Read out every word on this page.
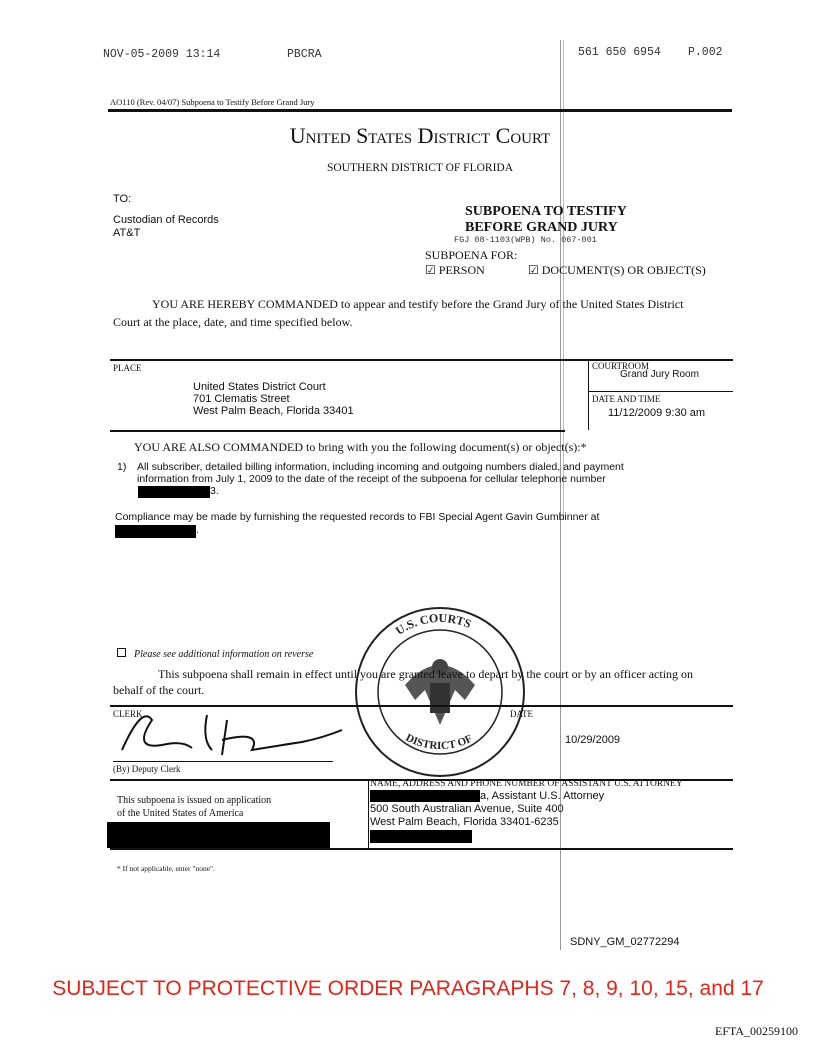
NOV-05-2009 13:14	PBCRA	561 650 6954 P.002
AO110 (Rev. 04/07) Subpoena to Testify Before Grand Jury
United States District Court
SOUTHERN DISTRICT OF FLORIDA
TO:
Custodian of Records
AT&T
SUBPOENA TO TESTIFY
BEFORE GRAND JURY
FGJ 08-1103(WPB) No. 067-001
SUBPOENA FOR:
☑ PERSON	☑ DOCUMENT(S) OR OBJECT(S)
YOU ARE HEREBY COMMANDED to appear and testify before the Grand Jury of the United States District
Court at the place, date, and time specified below.
PLACE
United States District Court
701 Clematis Street
West Palm Beach, Florida 33401
COURTROOM
Grand Jury Room
DATE AND TIME
11/12/2009 9:30 am
YOU ARE ALSO COMMANDED to bring with you the following document(s) or object(s):*
1) All subscriber, detailed billing information, including incoming and outgoing numbers dialed, and payment
information from July 1, 2009 to the date of the receipt of the subpoena for cellular telephone number
3.
Compliance may be made by furnishing the requested records to FBI Special Agent Gavin Gumbinner at
.
U.S. COURTS
DISTRICT OF
Please see additional information on reverse
This subpoena shall remain in effect until you are granted leave to depart by the court or by an officer acting on
behalf of the court.
CLERK	DATE
(By) Deputy Clerk
10/29/2009
This subpoena is issued on application
of the United States of America
NAME, ADDRESS AND PHONE NUMBER OF ASSISTANT U.S. ATTORNEY
a, Assistant U.S. Attorney
500 South Australian Avenue, Suite 400
West Palm Beach, Florida 33401-6235
* If not applicable, enter "none".
SDNY_GM_02772294
SUBJECT TO PROTECTIVE ORDER PARAGRAPHS 7, 8, 9, 10, 15, and 17
EFTA_00259100
